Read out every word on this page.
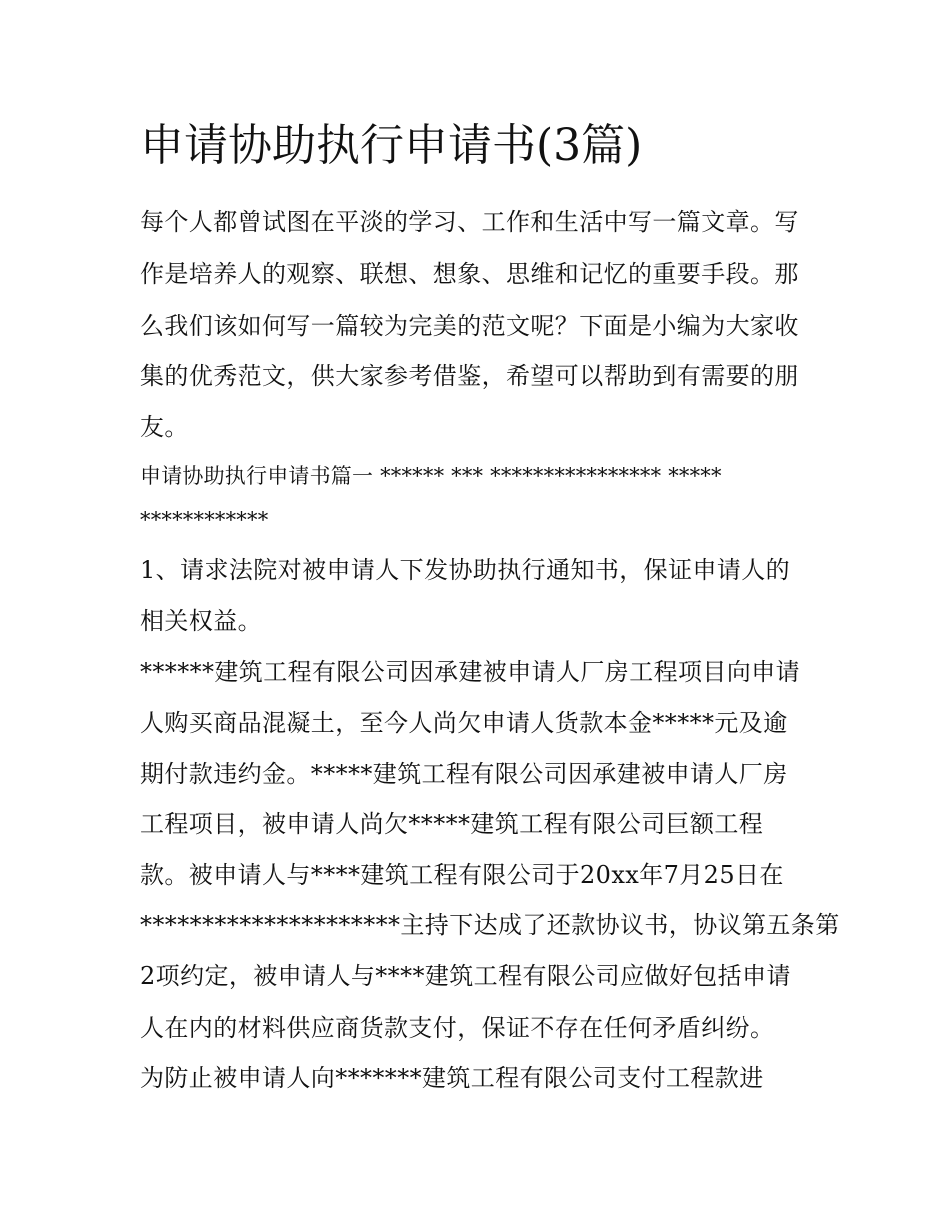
申请协助执行申请书(3篇)
每个人都曾试图在平淡的学习、工作和生活中写一篇文章。写
作是培养人的观察、联想、想象、思维和记忆的重要手段。那
么我们该如何写一篇较为完美的范文呢？下面是小编为大家收
集的优秀范文，供大家参考借鉴，希望可以帮助到有需要的朋
友。
申请协助执行申请书篇一 ****** *** **************** *****
************
1、请求法院对被申请人下发协助执行通知书，保证申请人的
相关权益。
******建筑工程有限公司因承建被申请人厂房工程项目向申请
人购买商品混凝土，至今人尚欠申请人货款本金*****元及逾
期付款违约金。*****建筑工程有限公司因承建被申请人厂房
工程项目，被申请人尚欠*****建筑工程有限公司巨额工程
款。被申请人与****建筑工程有限公司于20xx年7月25日在
*********************主持下达成了还款协议书，协议第五条第
2项约定，被申请人与****建筑工程有限公司应做好包括申请
人在内的材料供应商货款支付，保证不存在任何矛盾纠纷。
为防止被申请人向*******建筑工程有限公司支付工程款进
